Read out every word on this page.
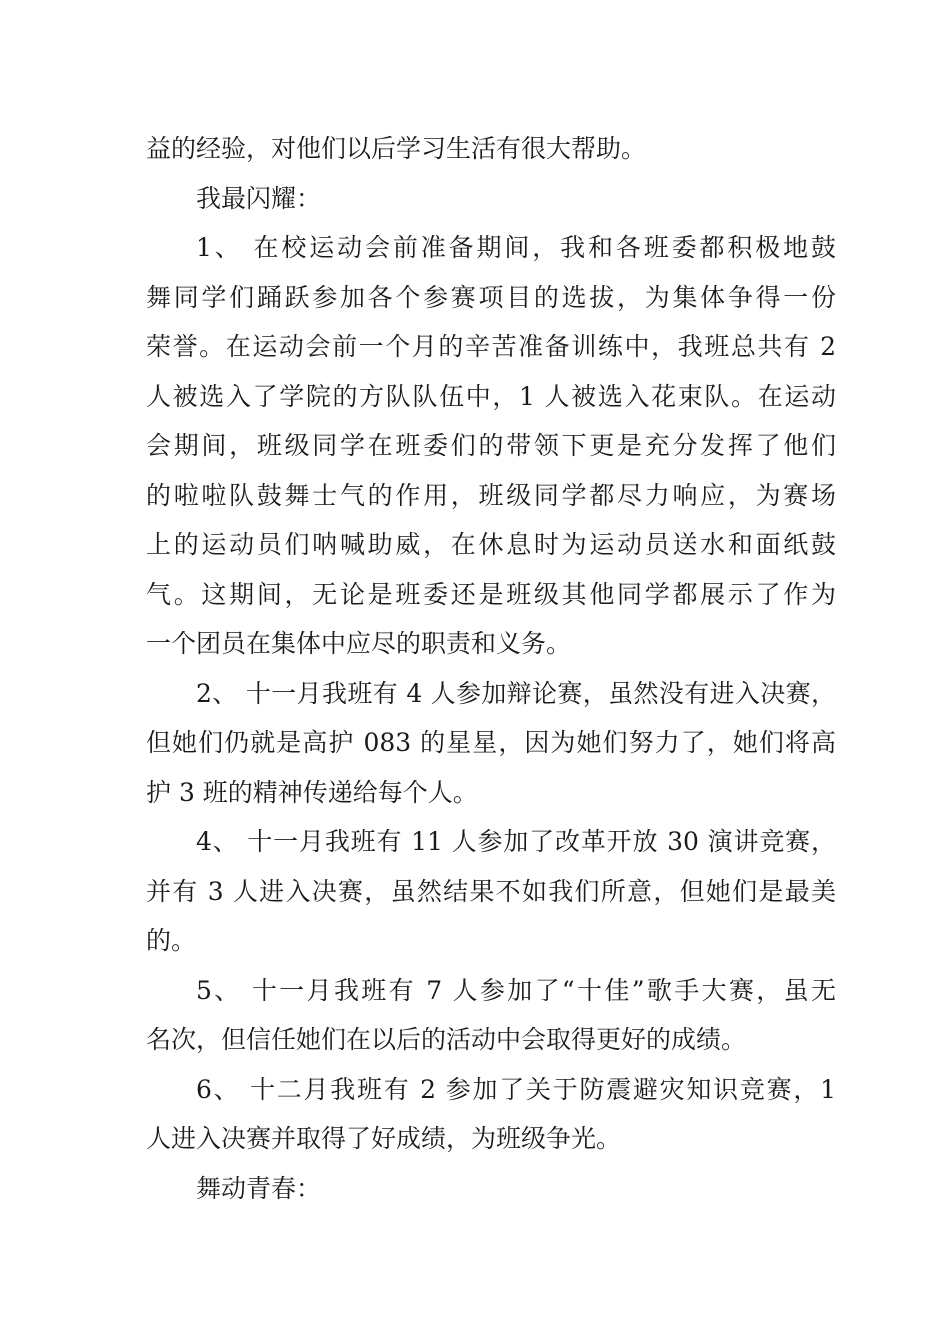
益的经验，对他们以后学习生活有很大帮助。
我最闪耀：
1、 在校运动会前准备期间，我和各班委都积极地鼓
舞同学们踊跃参加各个参赛项目的选拔，为集体争得一份
荣誉。在运动会前一个月的辛苦准备训练中，我班总共有 2
人被选入了学院的方队队伍中，1 人被选入花束队。在运动
会期间，班级同学在班委们的带领下更是充分发挥了他们
的啦啦队鼓舞士气的作用，班级同学都尽力响应，为赛场
上的运动员们呐喊助威，在休息时为运动员送水和面纸鼓
气。这期间，无论是班委还是班级其他同学都展示了作为
一个团员在集体中应尽的职责和义务。
2、 十一月我班有 4 人参加辩论赛，虽然没有进入决赛，
但她们仍就是高护 083 的星星，因为她们努力了，她们将高
护 3 班的精神传递给每个人。
4、 十一月我班有 11 人参加了改革开放 30 演讲竞赛，
并有 3 人进入决赛，虽然结果不如我们所意，但她们是最美
的。
5、 十一月我班有 7 人参加了“十佳”歌手大赛，虽无
名次，但信任她们在以后的活动中会取得更好的成绩。
6、 十二月我班有 2 参加了关于防震避灾知识竞赛，1
人进入决赛并取得了好成绩，为班级争光。
舞动青春：
